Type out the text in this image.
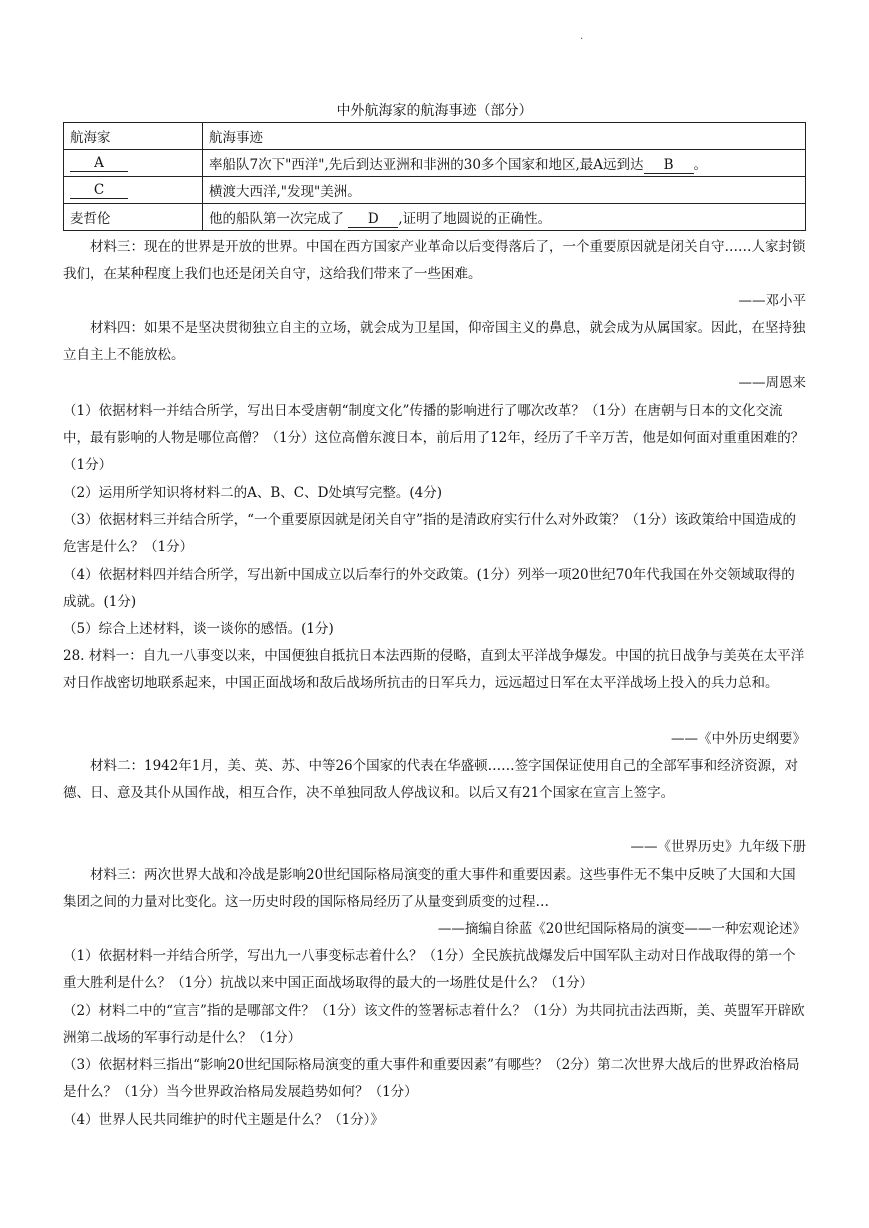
·
中外航海家的航海事迹（部分）
航海家	航海事迹
A	率船队7次下"西洋",先后到达亚洲和非洲的30多个国家和地区,最A远到达 B 。
C	横渡大西洋,"发现"美洲。
麦哲伦	他的船队第一次完成了 D ,证明了地圆说的正确性。
材料三：现在的世界是开放的世界。中国在西方国家产业革命以后变得落后了，一个重要原因就是闭关自守……人家封锁我们，在某种程度上我们也还是闭关自守，这给我们带来了一些困难。
——邓小平
材料四：如果不是坚决贯彻独立自主的立场，就会成为卫星国，仰帝国主义的鼻息，就会成为从属国家。因此，在坚持独立自主上不能放松。
——周恩来
（1）依据材料一并结合所学，写出日本受唐朝“制度文化”传播的影响进行了哪次改革？（1分）在唐朝与日本的文化交流中，最有影响的人物是哪位高僧？（1分）这位高僧东渡日本，前后用了12年，经历了千辛万苦，他是如何面对重重困难的？（1分）
（2）运用所学知识将材料二的A、B、C、D处填写完整。(4分)
（3）依据材料三并结合所学，“一个重要原因就是闭关自守”指的是清政府实行什么对外政策？（1分）该政策给中国造成的危害是什么？（1分）
（4）依据材料四并结合所学，写出新中国成立以后奉行的外交政策。(1分）列举一项20世纪70年代我国在外交领域取得的成就。(1分)
（5）综合上述材料，谈一谈你的感悟。(1分)
28. 材料一：自九一八事变以来，中国便独自抵抗日本法西斯的侵略，直到太平洋战争爆发。中国的抗日战争与美英在太平洋对日作战密切地联系起来，中国正面战场和敌后战场所抗击的日军兵力，远远超过日军在太平洋战场上投入的兵力总和。
——《中外历史纲要》
材料二：1942年1月，美、英、苏、中等26个国家的代表在华盛顿……签字国保证使用自己的全部军事和经济资源，对德、日、意及其仆从国作战，相互合作，决不单独同敌人停战议和。以后又有21个国家在宣言上签字。
——《世界历史》九年级下册
材料三：两次世界大战和冷战是影响20世纪国际格局演变的重大事件和重要因素。这些事件无不集中反映了大国和大国集团之间的力量对比变化。这一历史时段的国际格局经历了从量变到质变的过程…
——摘编自徐蓝《20世纪国际格局的演变——一种宏观论述》
（1）依据材料一并结合所学，写出九一八事变标志着什么？（1分）全民族抗战爆发后中国军队主动对日作战取得的第一个重大胜利是什么？（1分）抗战以来中国正面战场取得的最大的一场胜仗是什么？（1分）
（2）材料二中的“宣言”指的是哪部文件？（1分）该文件的签署标志着什么？（1分）为共同抗击法西斯，美、英盟军开辟欧洲第二战场的军事行动是什么？（1分）
（3）依据材料三指出“影响20世纪国际格局演变的重大事件和重要因素”有哪些？（2分）第二次世界大战后的世界政治格局是什么？（1分）当今世界政治格局发展趋势如何？（1分）
（4）世界人民共同维护的时代主题是什么？（1分）》
